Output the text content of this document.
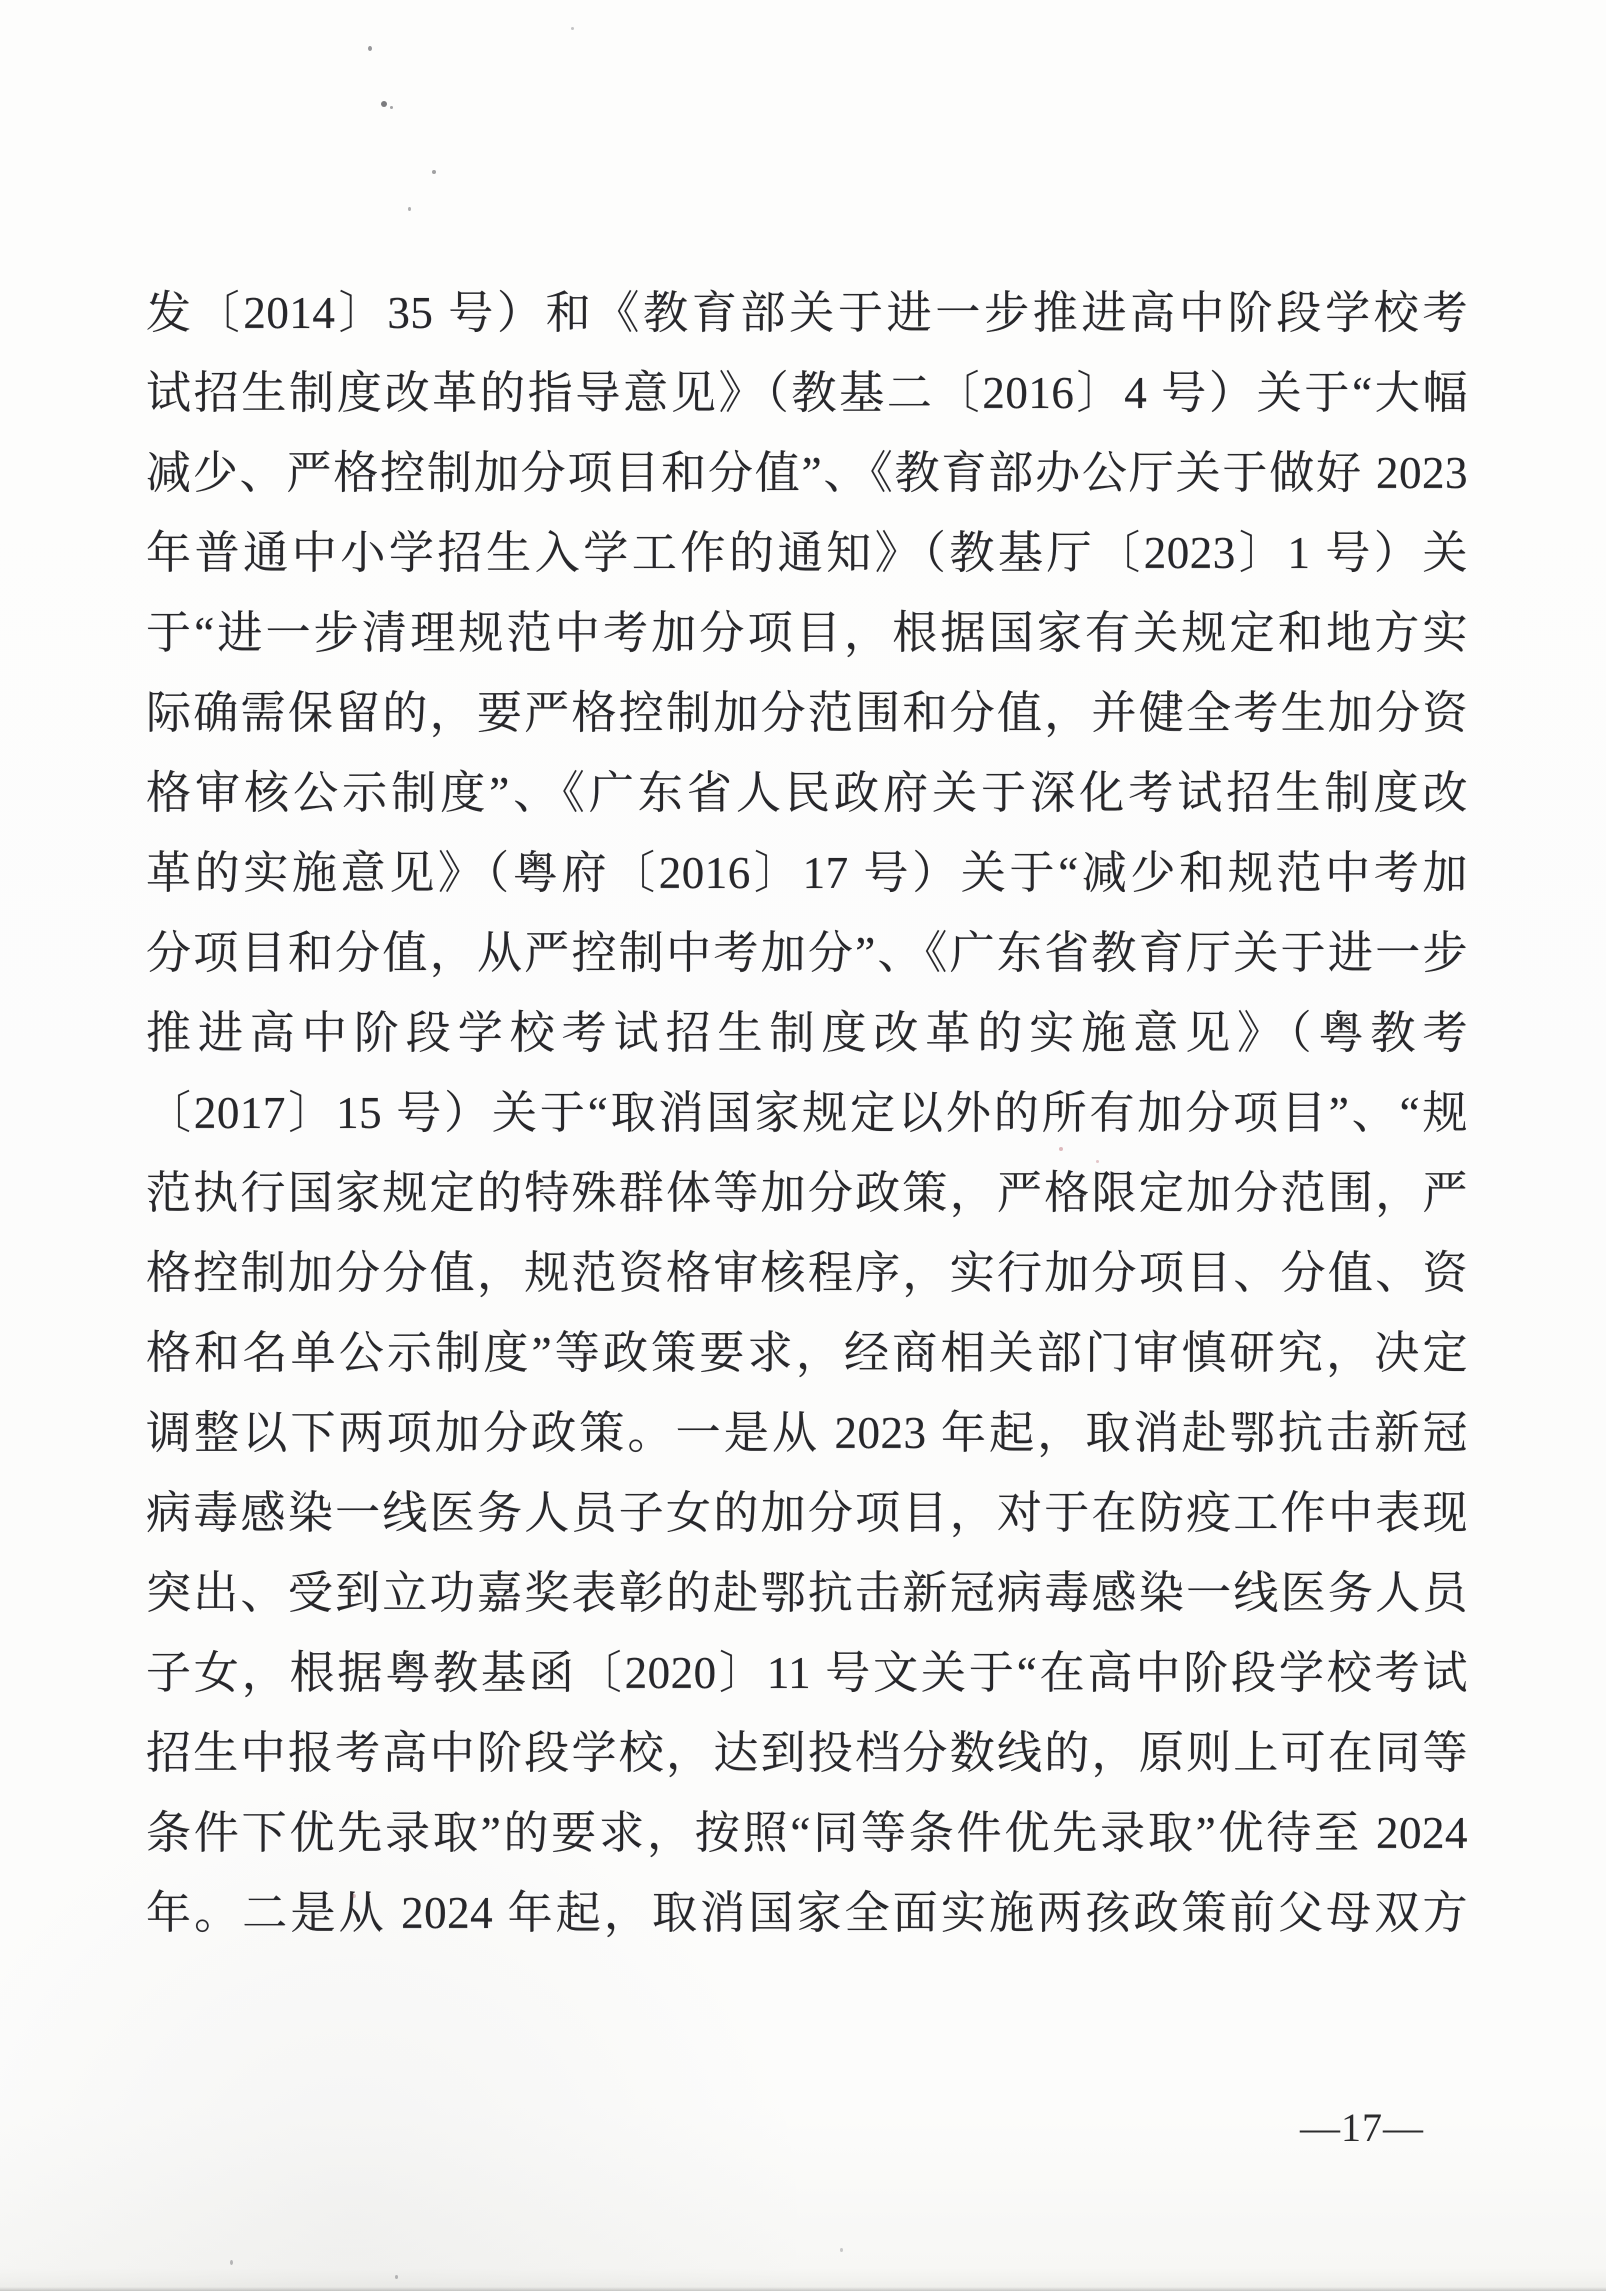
发〔2014〕35 号）和《教育部关于进一步推进高中阶段学校考
试招生制度改革的指导意见》（教基二〔2016〕4 号）关于“大幅
减少、严格控制加分项目和分值”、《教育部办公厅关于做好 2023
年普通中小学招生入学工作的通知》（教基厅〔2023〕1 号）关
于“进一步清理规范中考加分项目，根据国家有关规定和地方实
际确需保留的，要严格控制加分范围和分值，并健全考生加分资
格审核公示制度”、《广东省人民政府关于深化考试招生制度改
革的实施意见》（粤府〔2016〕17 号）关于“减少和规范中考加
分项目和分值，从严控制中考加分”、《广东省教育厅关于进一步
推进高中阶段学校考试招生制度改革的实施意见》（粤教考
〔2017〕15 号）关于“取消国家规定以外的所有加分项目”、“规
范执行国家规定的特殊群体等加分政策，严格限定加分范围，严
格控制加分分值，规范资格审核程序，实行加分项目、分值、资
格和名单公示制度”等政策要求，经商相关部门审慎研究，决定
调整以下两项加分政策。一是从 2023 年起，取消赴鄂抗击新冠
病毒感染一线医务人员子女的加分项目，对于在防疫工作中表现
突出、受到立功嘉奖表彰的赴鄂抗击新冠病毒感染一线医务人员
子女，根据粤教基函〔2020〕11 号文关于“在高中阶段学校考试
招生中报考高中阶段学校，达到投档分数线的，原则上可在同等
条件下优先录取”的要求，按照“同等条件优先录取”优待至 2024
年。二是从 2024 年起，取消国家全面实施两孩政策前父母双方
—17—
